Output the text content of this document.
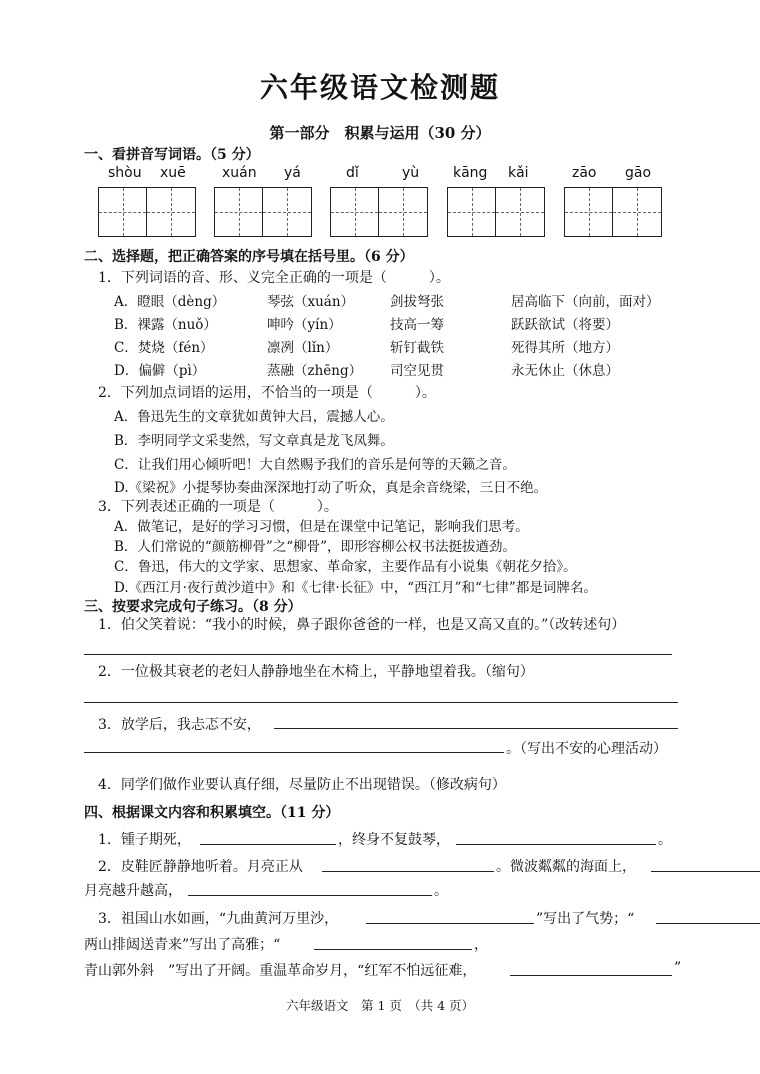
六年级语文检测题
第一部分　积累与运用（30 分）
一、看拼音写词语。（5 分）
shòu xuē	xuán yá	dǐ	yù kāng kǎi	zāo gāo
二、选择题，把正确答案的序号填在括号里。（6 分）
1．下列词语的音、形、义完全正确的一项是（　　　）。
A．瞪眼（dèng）	琴弦（xuán）	剑拔弩张	居高临下（向前，面对）
B．裸露（nuǒ）	呻吟（yín）	技高一筹	跃跃欲试（将要）
C．焚烧（fén）	凛冽（lǐn）	斩钉截铁	死得其所（地方）
D．偏僻（pì）	蒸融（zhēng） 司空见贯	永无休止（休息）
2．下列加点词语的运用，不恰当的一项是（　　　）。
A．鲁迅先生的文章犹如黄钟大吕，震撼人心。
B．李明同学文采斐然，写文章真是龙飞凤舞。
C．让我们用心倾听吧！大自然赐予我们的音乐是何等的天籁之音。
D.《梁祝》小提琴协奏曲深深地打动了听众，真是余音绕梁，三日不绝。
3．下列表述正确的一项是（　　　）。
A．做笔记，是好的学习习惯，但是在课堂中记笔记，影响我们思考。
B．人们常说的“颜筋柳骨”之“柳骨”，即形容柳公权书法挺拔遒劲。
C．鲁迅，伟大的文学家、思想家、革命家，主要作品有小说集《朝花夕拾》。
D.《西江月·夜行黄沙道中》和《七律·长征》中，“西江月”和“七律”都是词牌名。
三、按要求完成句子练习。（8 分）
1．伯父笑着说：“我小的时候，鼻子跟你爸爸的一样，也是又高又直的。”（改转述句）
2．一位极其衰老的老妇人静静地坐在木椅上，平静地望着我。（缩句）
3．放学后，我忐忑不安，
。（写出不安的心理活动）
4．同学们做作业要认真仔细，尽量防止不出现错误。（修改病句）
四、根据课文内容和积累填空。（11 分）
1．锺子期死，	，终身不复鼓琴，	。
2．皮鞋匠静静地听着。月亮正从	。微波粼粼的海面上，
月亮越升越高，	。
3．祖国山水如画，“九曲黄河万里沙，	”写出了气势；“
两山排闼送青来”写出了高雅；“	，
青山郭外斜　”写出了开阔。重温革命岁月，“红军不怕远征难，	”
六年级语文　第 1 页　（共 4 页）
